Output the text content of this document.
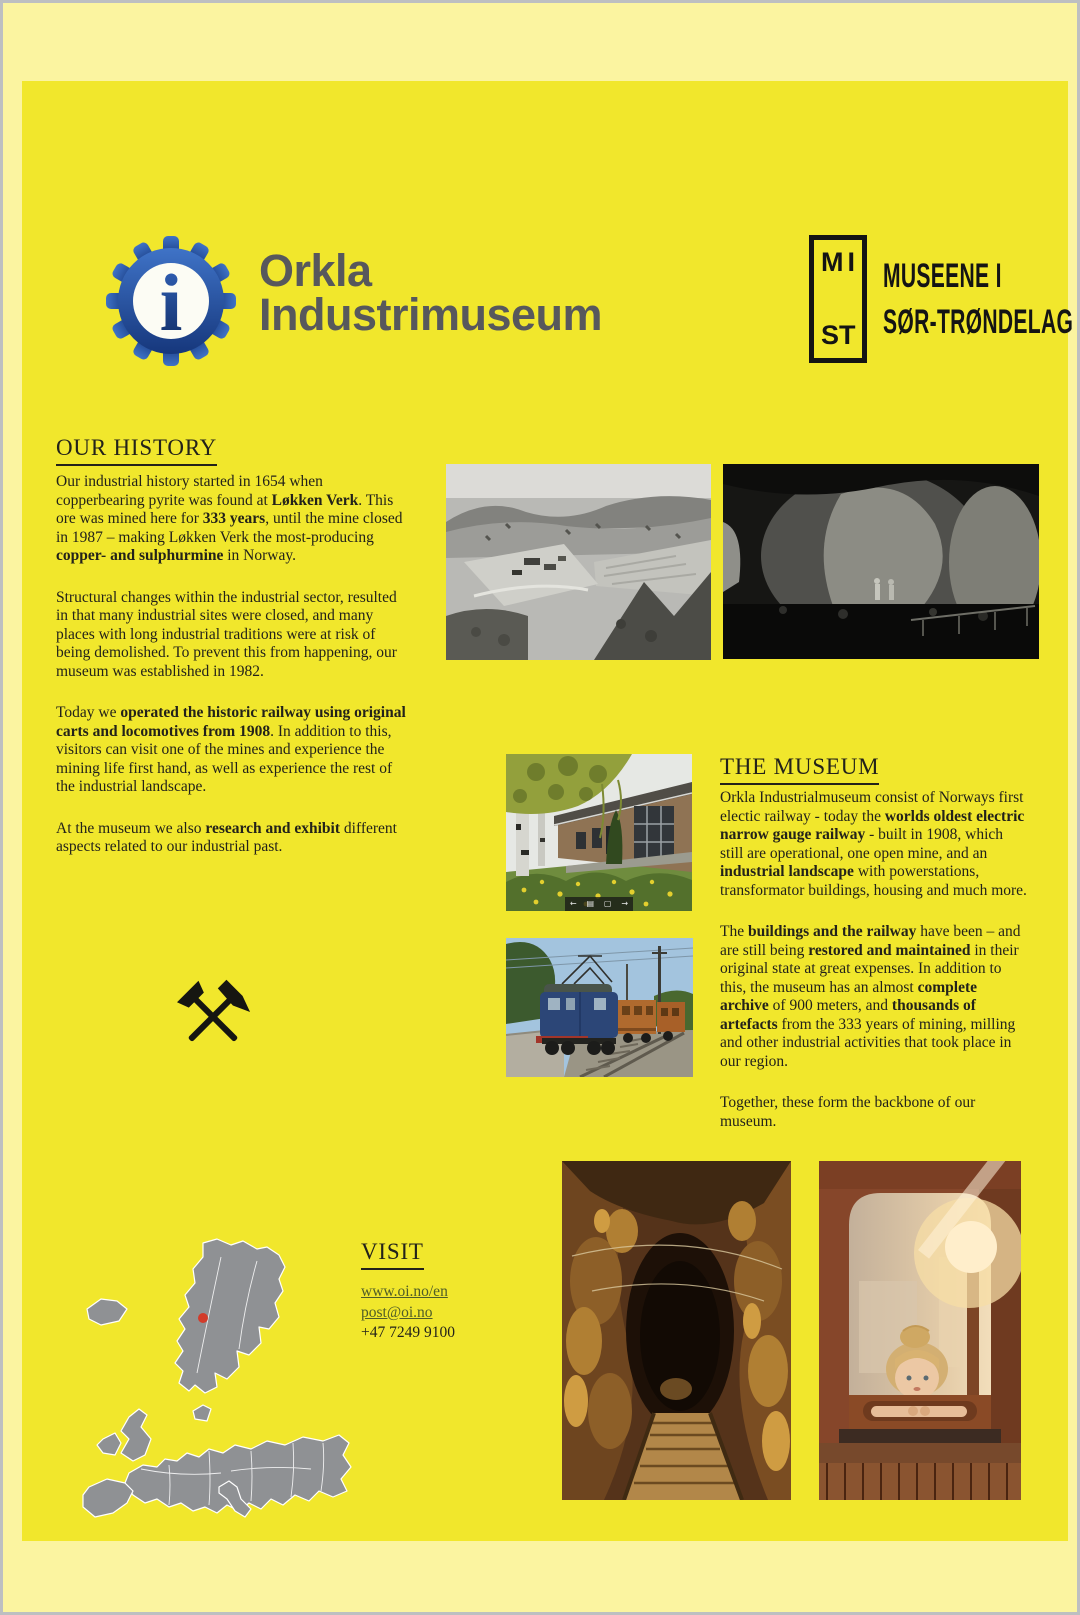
i Orkla
Industrimuseum
M I
S T
MUSEENE I
SØR-TRØNDELAG
OUR HISTORY

Our industrial history started in 1654 when copperbearing pyrite was found at Løkken Verk. This ore was mined here for 333 years, until the mine closed in 1987 – making Løkken Verk the most-producing copper- and sulphurmine in Norway.

Structural changes within the industrial sector, resulted in that many industrial sites were closed, and many places with long industrial traditions were at risk of being demolished. To prevent this from happening, our museum was established in 1982.

Today we operated the historic railway using original carts and locomotives from 1908. In addition to this, visitors can visit one of the mines and experience the mining life first hand, as well as experience the rest of the industrial landscape.

At the museum we also research and exhibit different aspects related to our industrial past.

← ▤ ▢ →
THE MUSEUM

Orkla Industrialmuseum consist of Norways first electic railway - today the worlds oldest electric narrow gauge railway - built in 1908, which still are operational, one open mine, and an industrial landscape with powerstations, transformator buildings, housing and much more.

The buildings and the railway have been – and are still being restored and maintained in their original state at great expenses. In addition to this, the museum has an almost complete archive of 900 meters, and thousands of artefacts from the 333 years of mining, milling and other industrial activities that took place in our region.

Together, these form the backbone of our museum.

VISIT
www.oi.no/en
post@oi.no
+47 7249 9100
